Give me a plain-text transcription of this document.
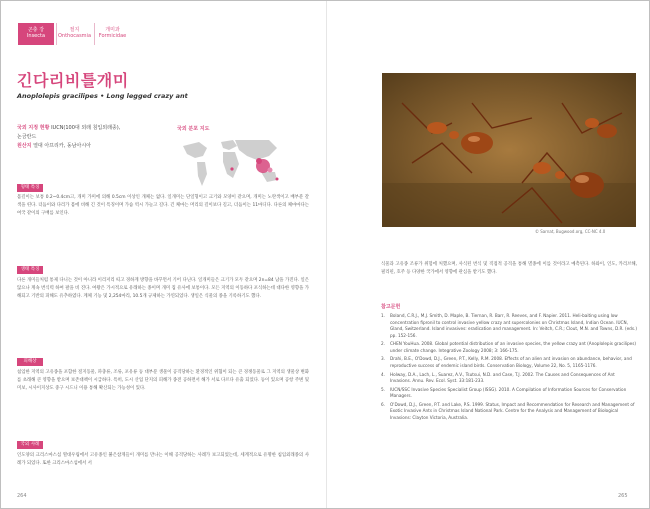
곤충 강
Insecta
절지
Onthocasmia
개미과
Formicidae
긴다리비틀개미
Anoplolepis gracilipes • Long legged crazy ant
국외 지정 현황 IUCN(100대 외래 침입외래종),
논금란드
원산지 열대 아프리카, 동남아시아
국외 분포 지도
형태 특징
몸길이는 보통 0.2~0.4cm고, 개미 가미에 의해 0.5cm 이상인 개체는 없다. 일개미는 단일형이고 크기와 모양이 같으며, 개미는 노란색이고 배부분 갈색을 띤다. 더듬이와 다리가 몸에 비해 긴 것이 특징이며 가슴 역시 가늘고 길다. 긴 체마는 머리의 길이보다 길고, 더듬이는 11마디다. 다른의 체마마다는 여국 같이의 구배를 보인다.
생태 특징
다른 개미들처럼 통제 다니는 것이 아니라 이리저리 띠고 경하게 방향을 바꾸면서 기어 다닌다. 일개미들은 크기가 모두 같으며 2n=84 남을 가진다. 일은 않으나 계속 번식력 하여 팔을 비 진다. 여왕은 가시적으로 유래하는 종이며 개미 집 유사에 보통이다. 모든 지역의 이동하다 포식하는데 대다한 영향을 가해되고 기반의 피해도 유추하였다. 계체 기능 및 2,254마리, 10.5개 규제하는 가연되었다. 생일은 식물의 종을 기록하기도 했다.
피해상
침입한 지역의 고유종을 포함한 절지동물, 파충류, 조류, 포유류 등 대부분 생물이 공격당하는 환경적인 위협이 되는 큰 경쟁동물로 그 지역의 생물상 변화를 초래해 큰 영향을 받으며 보존대책이 시급하다. 특히, 도시 산업 단지의 피해가 종전 공하면서 해가 서로 다르다 유출 되었다. 등이 있으며 공항 주변 및 미보, 시사이지상도 중구 시드니 이용 통해 확산되는 가능성이 있다.
국외 사례
인도양의 크리스마스섬 열대우림에서 고유종인 붉은참게들이 개미를 만나는 이해 공격당하는 사례가 보고되었는데, 세계적으로 유명한 침입외래종의 사례가 되었다. 또한 크리스마스섬에서 서
264
© Sarnat, Bugwood.org, CC-NC 4.0
식물과 고유종 조류가 위험에 처했으며, 사식된 번식 및 직접적 공격을 통해 멸종에 이를 것이라고 예측된다. 하와이, 인도, 카리브해, 필리핀, 호주 등 다양한 국가에서 영향에 관심을 받기도 했다.
참고문헌
1. Boland, C.R.J., M.J. Smith, D. Maple, B. Tiernan, R. Barr, R. Reeves, and F. Napier. 2011. Heli-baiting using low concentration fipronil to control invasive yellow crazy ant supercolonies on Christmas Island, Indian Ocean. IUCN, Gland, Switzerland. Island invasives: eradication and management. In: Veitch, C.R.; Clout, M.N. and Towns, D.R. (eds.) pp. 152-156.
2. CHEN YouHua. 2008. Global potential distribution of an invasive species, the yellow crazy ant (Anoplolepis gracilipes) under climate change. Integrative Zoology 2008; 3: 166-175.
3. Drahi, B.E., O'Dowd, D.J., Green, P.T., Kelly, R.M. 2008. Effects of an alien ant invasion on abundance, behavior, and reproductive success of endemic island birds. Conservation Biology, Volume 22, No. 5, 1165-1176.
4. Holway, D.A., Lach, L., Suarez, A.V., Tsutsui, N.D. and Case, T.J. 2002. The Causes and Consequences of Ant Invasions. Annu. Rev. Ecol. Syst. 33:181-233.
5. IUCN/SSC Invasive Species Specialist Group (ISSG). 2010. A Compilation of Information Sources for Conservation Managers.
6. O'Dowd, D.J., Green, P.T. and Lake, P.S. 1999. Status, Impact and Recommendation for Research and Management of Exotic Invasive Ants in Christmas Island National Park. Centre for the Analysis and Management of Biological Invasions: Clayton Victoria, Australia.
265
